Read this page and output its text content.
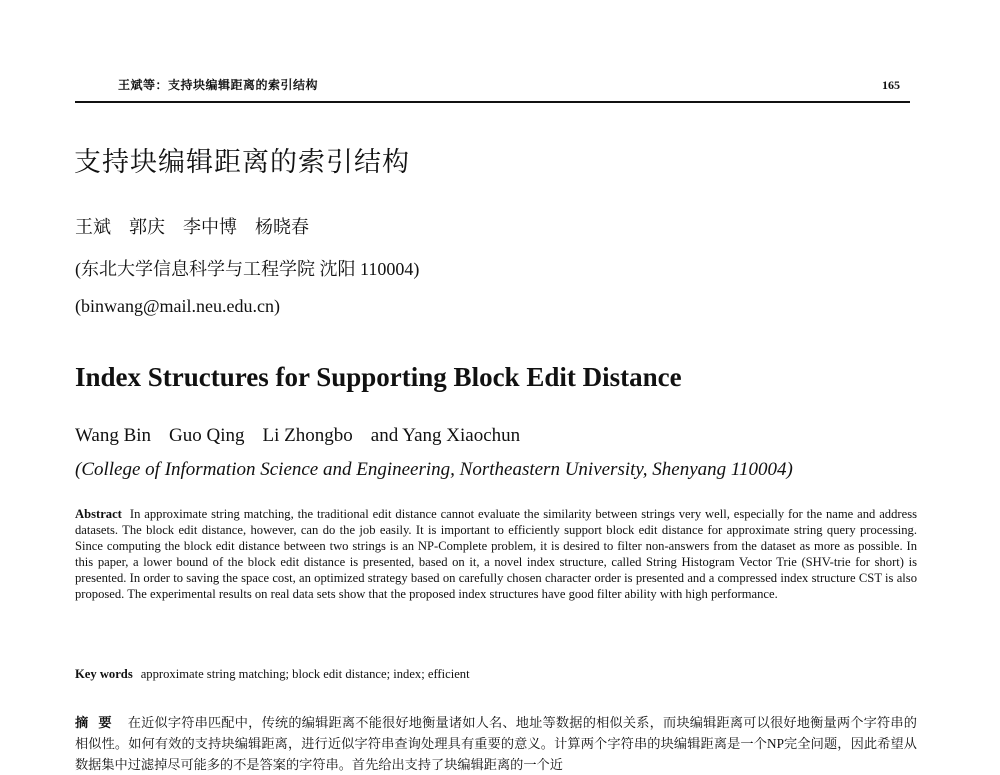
王斌等：支持块编辑距离的索引结构	165
支持块编辑距离的索引结构
王斌 郭庆 李中博 杨晓春
(东北大学信息科学与工程学院 沈阳 110004)
(binwang@mail.neu.edu.cn)
Index Structures for Supporting Block Edit Distance
Wang Bin Guo Qing Li Zhongbo and Yang Xiaochun
(College of Information Science and Engineering, Northeastern University, Shenyang 110004)
Abstract In approximate string matching, the traditional edit distance cannot evaluate the similarity between strings very well, especially for the name and address datasets. The block edit distance, however, can do the job easily. It is important to efficiently support block edit distance for approximate string query processing. Since computing the block edit distance between two strings is an NP-Complete problem, it is desired to filter non-answers from the dataset as more as possible. In this paper, a lower bound of the block edit distance is presented, based on it, a novel index structure, called String Histogram Vector Trie (SHV-trie for short) is presented. In order to saving the space cost, an optimized strategy based on carefully chosen character order is presented and a compressed index structure CST is also proposed. The experimental results on real data sets show that the proposed index structures have good filter ability with high performance.
Key words approximate string matching; block edit distance; index; efficient
摘要 在近似字符串匹配中，传统的编辑距离不能很好地衡量诸如人名、地址等数据的相似关系，而块编辑距离可以很好地衡量两个字符串的相似性。如何有效的支持块编辑距离，进行近似字符串查询处理具有重要的意义。计算两个字符串的块编辑距离是一个NP完全问题，因此希望从数据集中过滤掉尽可能多的不是答案的字符串。首先给出支持了块编辑距离的一个近
